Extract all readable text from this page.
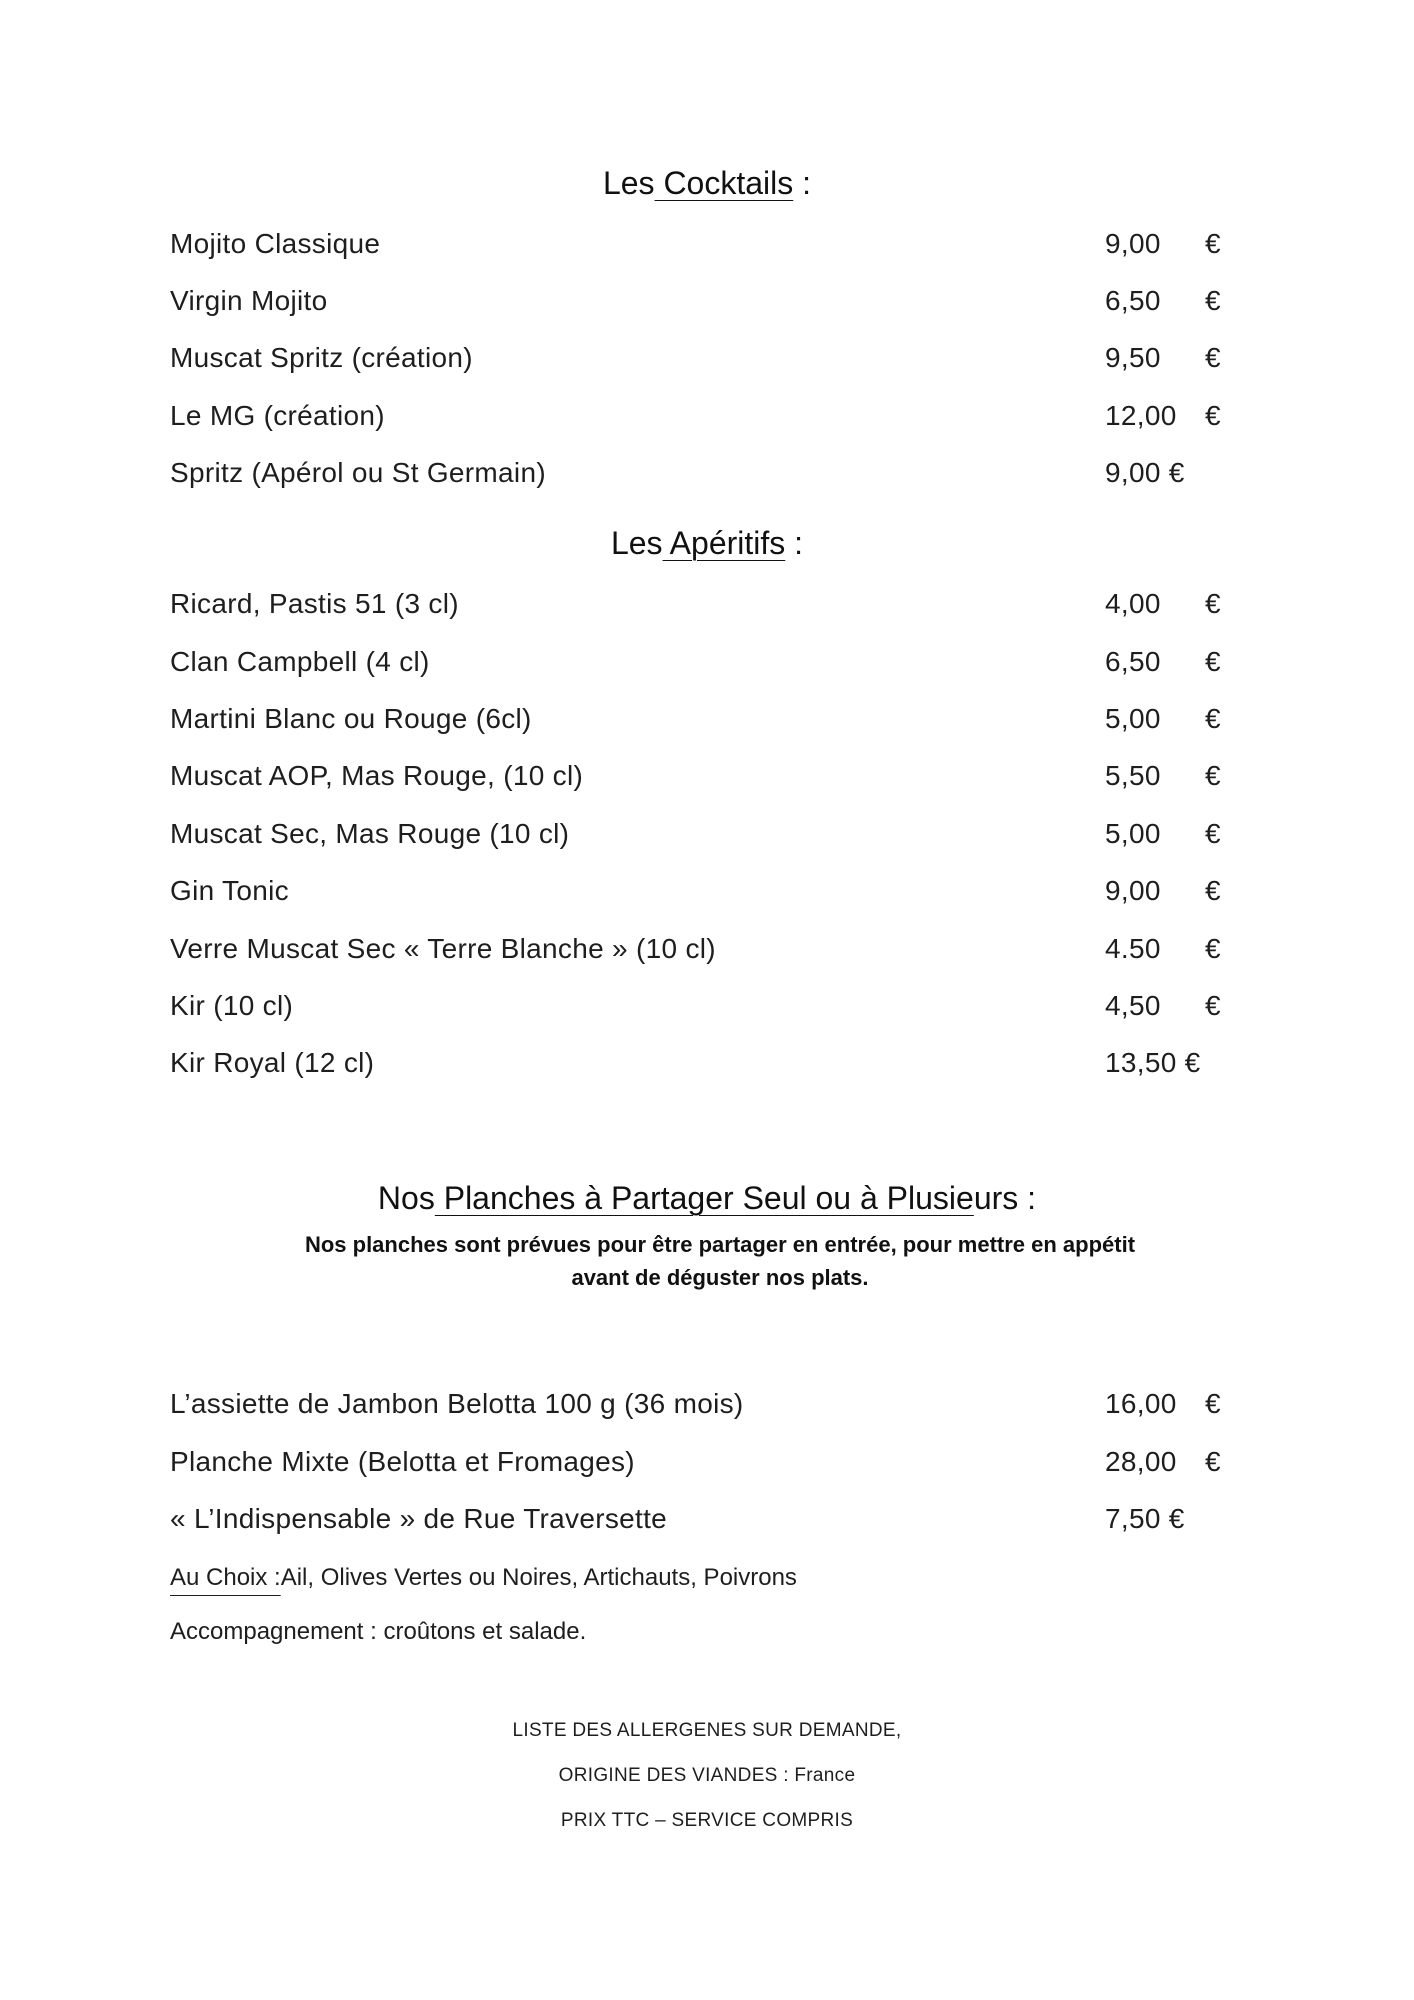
Les Cocktails :
Mojito Classique	9,00 €
Virgin Mojito	6,50 €
Muscat Spritz (création)	9,50 €
Le MG (création)	12,00 €
Spritz (Apérol ou St Germain)	9,00 €
Les Apéritifs :
Ricard, Pastis 51 (3 cl)	4,00 €
Clan Campbell (4 cl)	6,50 €
Martini Blanc ou Rouge (6cl)	5,00 €
Muscat AOP, Mas Rouge, (10 cl)	5,50 €
Muscat Sec, Mas Rouge (10 cl)	5,00 €
Gin Tonic	9,00 €
Verre Muscat Sec « Terre Blanche » (10 cl)	4.50 €
Kir (10 cl)	4,50 €
Kir Royal (12 cl)	13,50 €
Nos Planches à Partager Seul ou à Plusieurs :
Nos planches sont prévues pour être partager en entrée, pour mettre en appétit
avant de déguster nos plats.
L’assiette de Jambon Belotta 100 g (36 mois)	16,00 €
Planche Mixte (Belotta et Fromages)	28,00 €
« L’Indispensable » de Rue Traversette	7,50 €
Au Choix :Ail, Olives Vertes ou Noires, Artichauts, Poivrons
Accompagnement : croûtons et salade.
LISTE DES ALLERGENES SUR DEMANDE,
ORIGINE DES VIANDES : France
PRIX TTC – SERVICE COMPRIS
